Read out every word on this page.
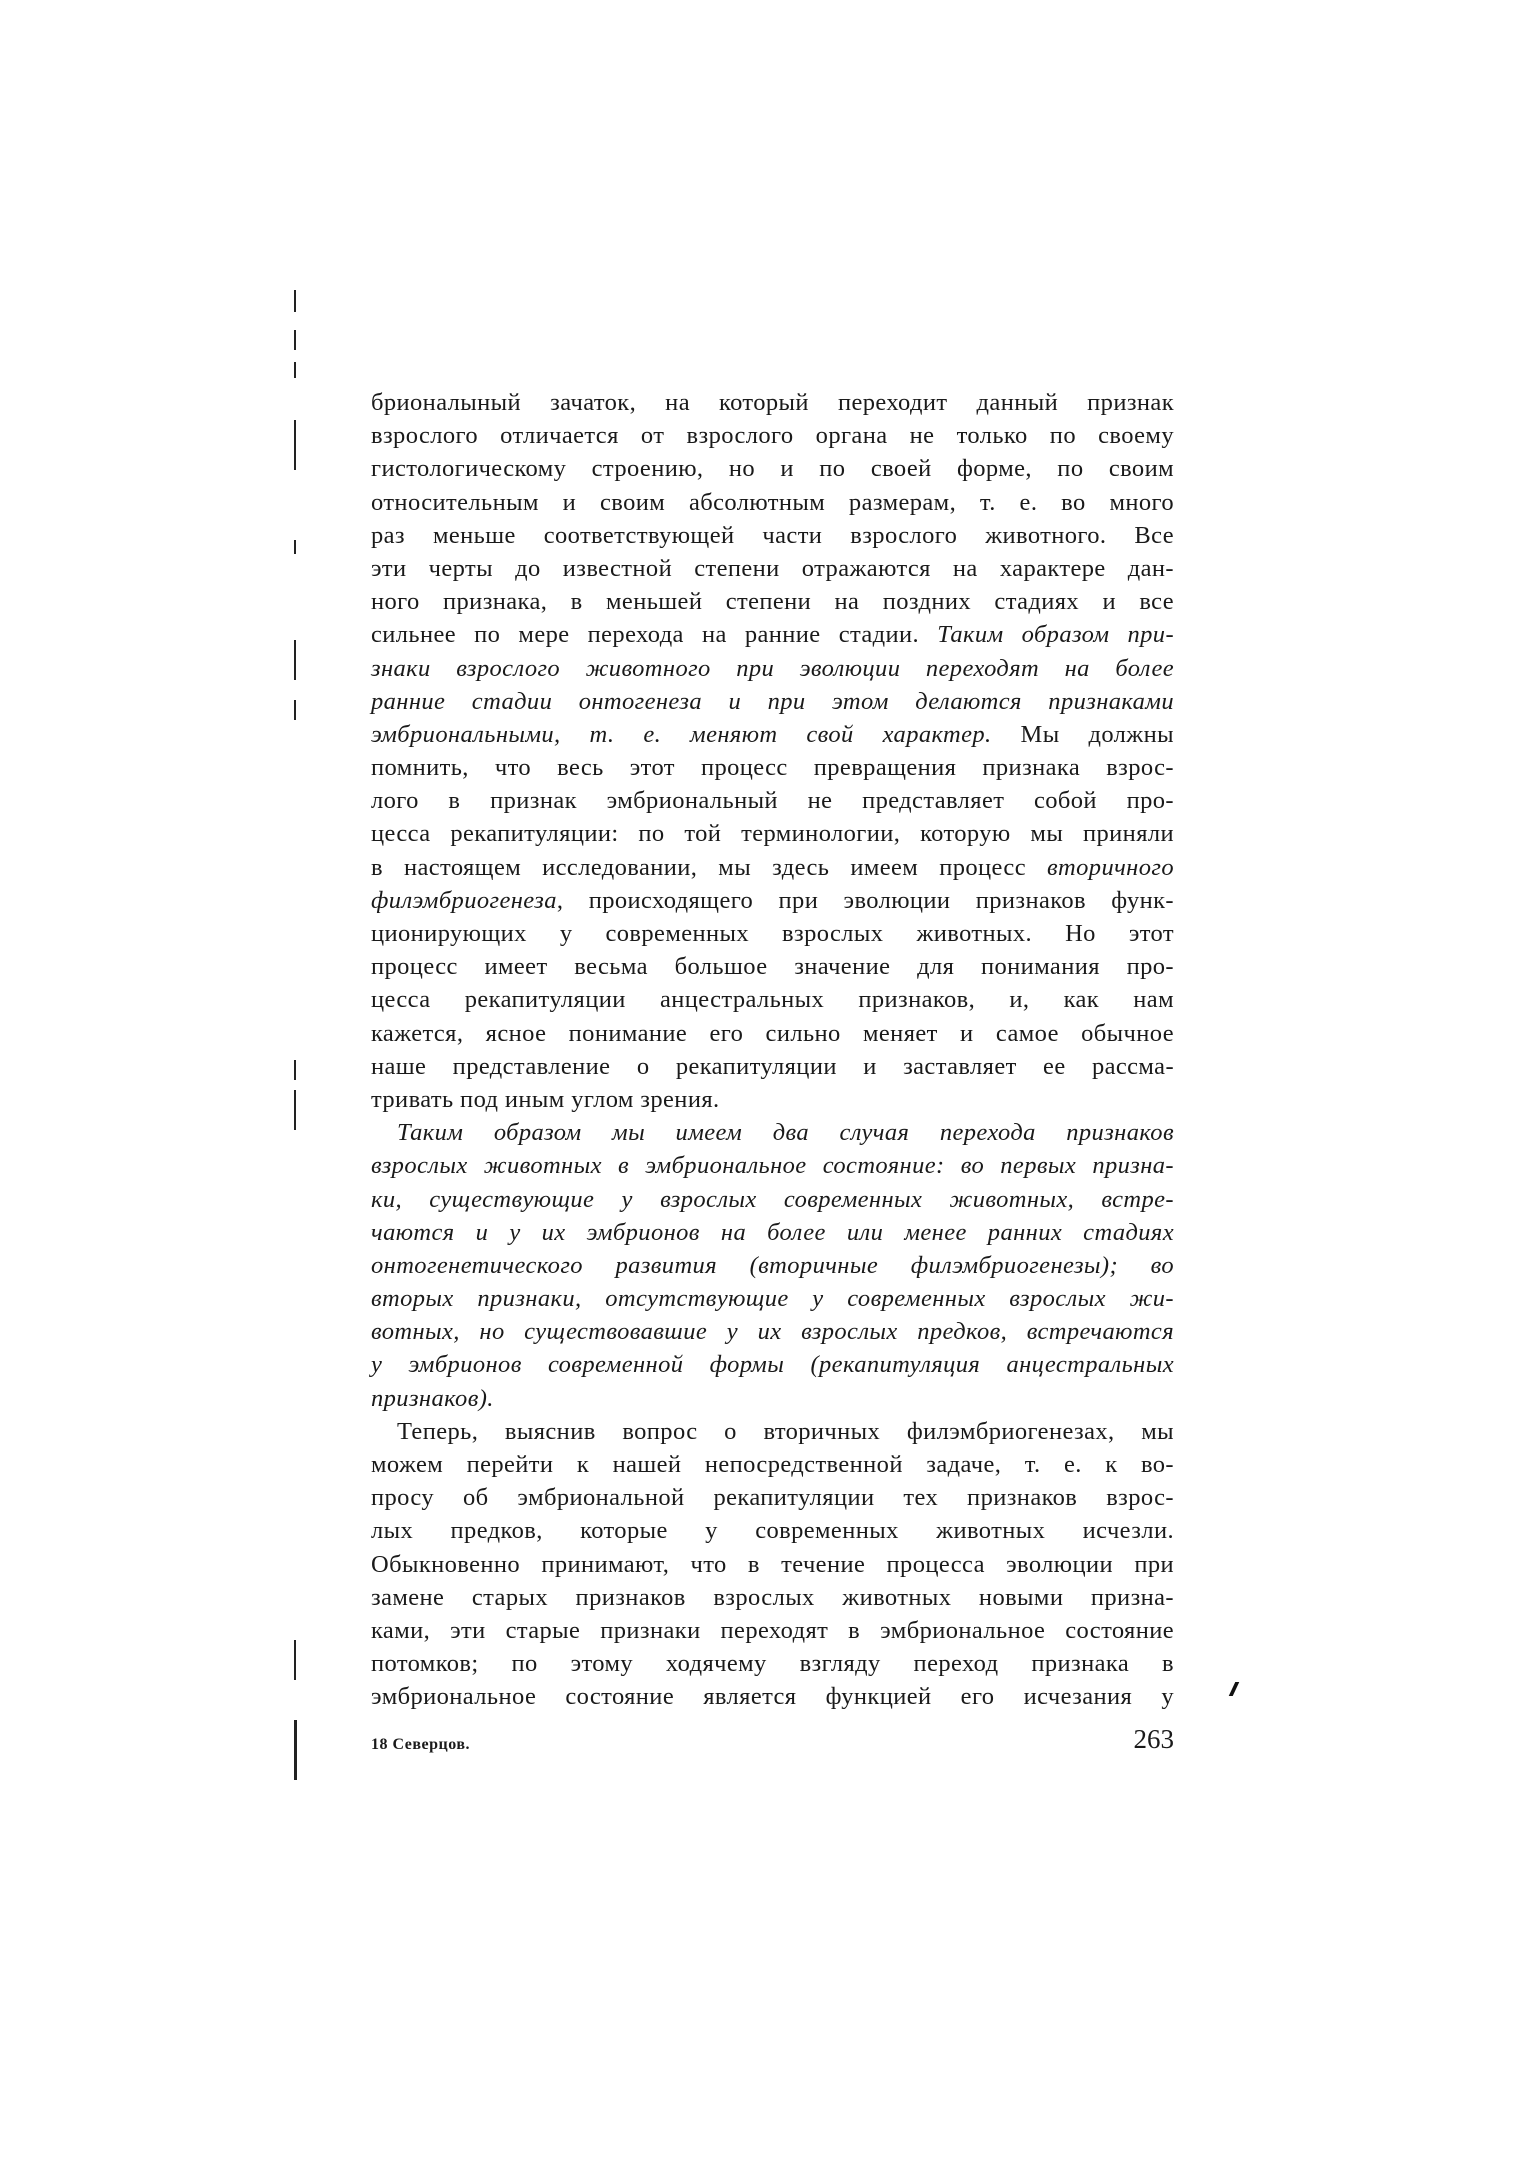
брионалыный зачаток, на который переходит данный признак
взрослого отличается от взрослого органа не только по своему
гистологическому строению, но и по своей форме, по своим
относительным и своим абсолютным размерам, т. е. во много
раз меньше соответствующей части взрослого животного. Все
эти черты до известной степени отражаются на характере дан-
ного признака, в меньшей степени на поздних стадиях и все
сильнее по мере перехода на ранние стадии. Таким образом при-
знаки взрослого животного при эволюции переходят на более
ранние стадии онтогенеза и при этом делаются признаками
эмбриональными, т. е. меняют свой характер. Мы должны
помнить, что весь этот процесс превращения признака взрос-
лого в признак эмбриональный не представляет собой про-
цесса рекапитуляции: по той терминологии, которую мы приняли
в настоящем исследовании, мы здесь имеем процесс вторичного
филэмбриогенеза, происходящего при эволюции признаков функ-
ционирующих у современных взрослых животных. Но этот
процесс имеет весьма большое значение для понимания про-
цесса рекапитуляции анцестральных признаков, и, как нам
кажется, ясное понимание его сильно меняет и самое обычное
наше представление о рекапитуляции и заставляет ее рассма-
тривать под иным углом зрения.
Таким образом мы имеем два случая перехода признаков
взрослых животных в эмбриональное состояние: во первых призна-
ки, существующие у взрослых современных животных, встре-
чаются и у их эмбрионов на более или менее ранних стадиях
онтогенетического развития (вторичные филэмбриогенезы); во
вторых признаки, отсутствующие у современных взрослых жи-
вотных, но существовавшие у их взрослых предков, встречаются
у эмбрионов современной формы (рекапитуляция анцестральных
признаков).
Теперь, выяснив вопрос о вторичных филэмбриогенезах, мы
можем перейти к нашей непосредственной задаче, т. е. к во-
просу об эмбриональной рекапитуляции тех признаков взрос-
лых предков, которые у современных животных исчезли.
Обыкновенно принимают, что в течение процесса эволюции при
замене старых признаков взрослых животных новыми призна-
ками, эти старые признаки переходят в эмбриональное состояние
потомков; по этому ходячему взгляду переход признака в
эмбриональное состояние является функцией его исчезания у
18 Северцов.	263
